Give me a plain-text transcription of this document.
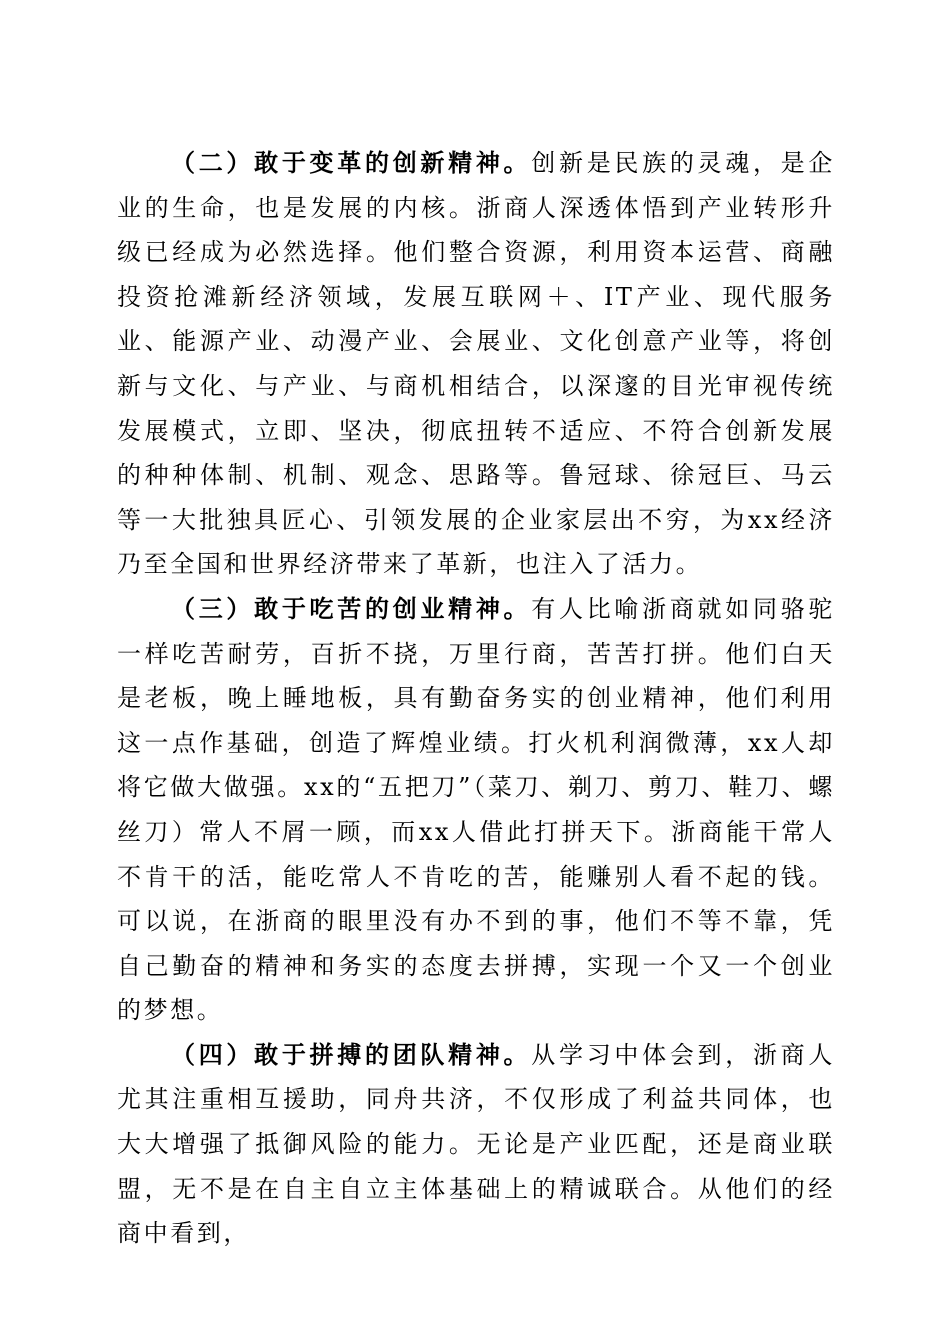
（二）敢于变革的创新精神。创新是民族的灵魂，是企业的生命，也是发展的内核。浙商人深透体悟到产业转形升级已经成为必然选择。他们整合资源，利用资本运营、商融投资抢滩新经济领域，发展互联网＋、IT产业、现代服务业、能源产业、动漫产业、会展业、文化创意产业等，将创新与文化、与产业、与商机相结合，以深邃的目光审视传统发展模式，立即、坚决，彻底扭转不适应、不符合创新发展的种种体制、机制、观念、思路等。鲁冠球、徐冠巨、马云等一大批独具匠心、引领发展的企业家层出不穷，为xx经济乃至全国和世界经济带来了革新，也注入了活力。

（三）敢于吃苦的创业精神。有人比喻浙商就如同骆驼一样吃苦耐劳，百折不挠，万里行商，苦苦打拼。他们白天是老板，晚上睡地板，具有勤奋务实的创业精神，他们利用这一点作基础，创造了辉煌业绩。打火机利润微薄，xx人却将它做大做强。xx的“五把刀”（菜刀、剃刀、剪刀、鞋刀、螺丝刀）常人不屑一顾，而xx人借此打拼天下。浙商能干常人不肯干的活，能吃常人不肯吃的苦，能赚别人看不起的钱。可以说，在浙商的眼里没有办不到的事，他们不等不靠，凭自己勤奋的精神和务实的态度去拼搏，实现一个又一个创业的梦想。

（四）敢于拼搏的团队精神。从学习中体会到，浙商人尤其注重相互援助，同舟共济，不仅形成了利益共同体，也大大增强了抵御风险的能力。无论是产业匹配，还是商业联盟，无不是在自主自立主体基础上的精诚联合。从他们的经商中看到，
